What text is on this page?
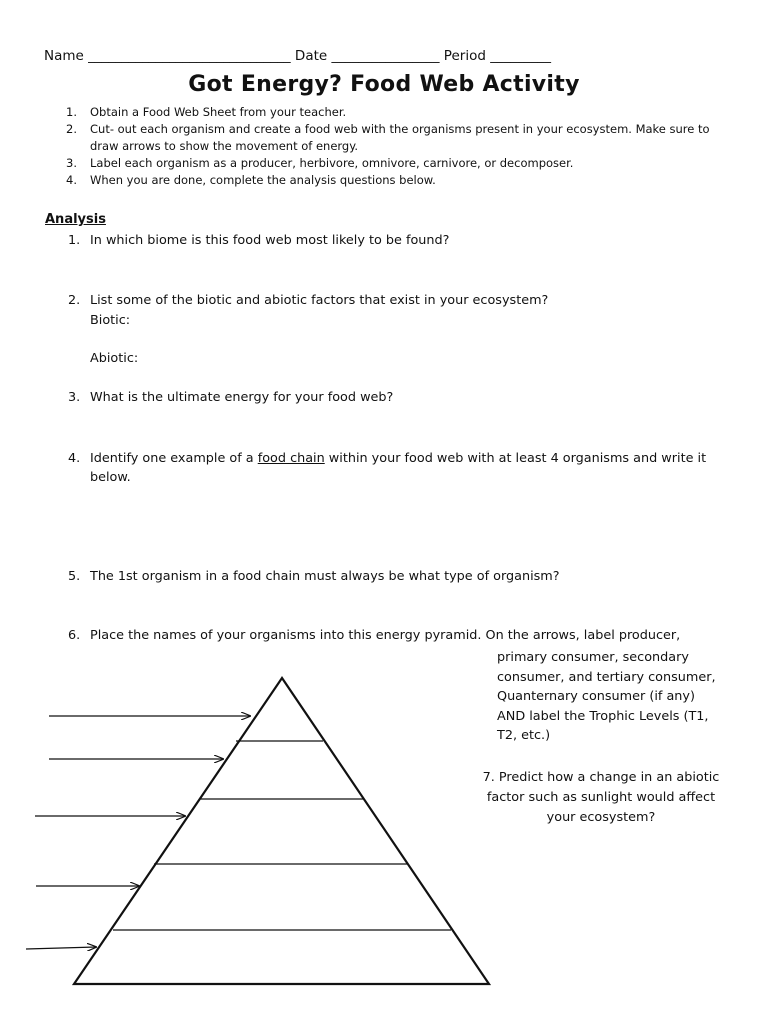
Name ______________________________ Date ________________ Period _________
Got Energy? Food Web Activity
1. Obtain a Food Web Sheet from your teacher.
2. Cut- out each organism and create a food web with the organisms present in your ecosystem. Make sure to draw arrows to show the movement of energy.
3. Label each organism as a producer, herbivore, omnivore, carnivore, or decomposer.
4. When you are done, complete the analysis questions below.
Analysis
1. In which biome is this food web most likely to be found?
2. List some of the biotic and abiotic factors that exist in your ecosystem?
Biotic:
Abiotic:
3. What is the ultimate energy for your food web?
4. Identify one example of a food chain within your food web with at least 4 organisms and write it
below.
5. The 1st organism in a food chain must always be what type of organism?
6. Place the names of your organisms into this energy pyramid. On the arrows, label producer,
primary consumer, secondary
consumer, and tertiary consumer,
Quanternary consumer (if any)
AND label the Trophic Levels (T1,
T2, etc.)
7. Predict how a change in an abiotic
factor such as sunlight would affect
your ecosystem?
